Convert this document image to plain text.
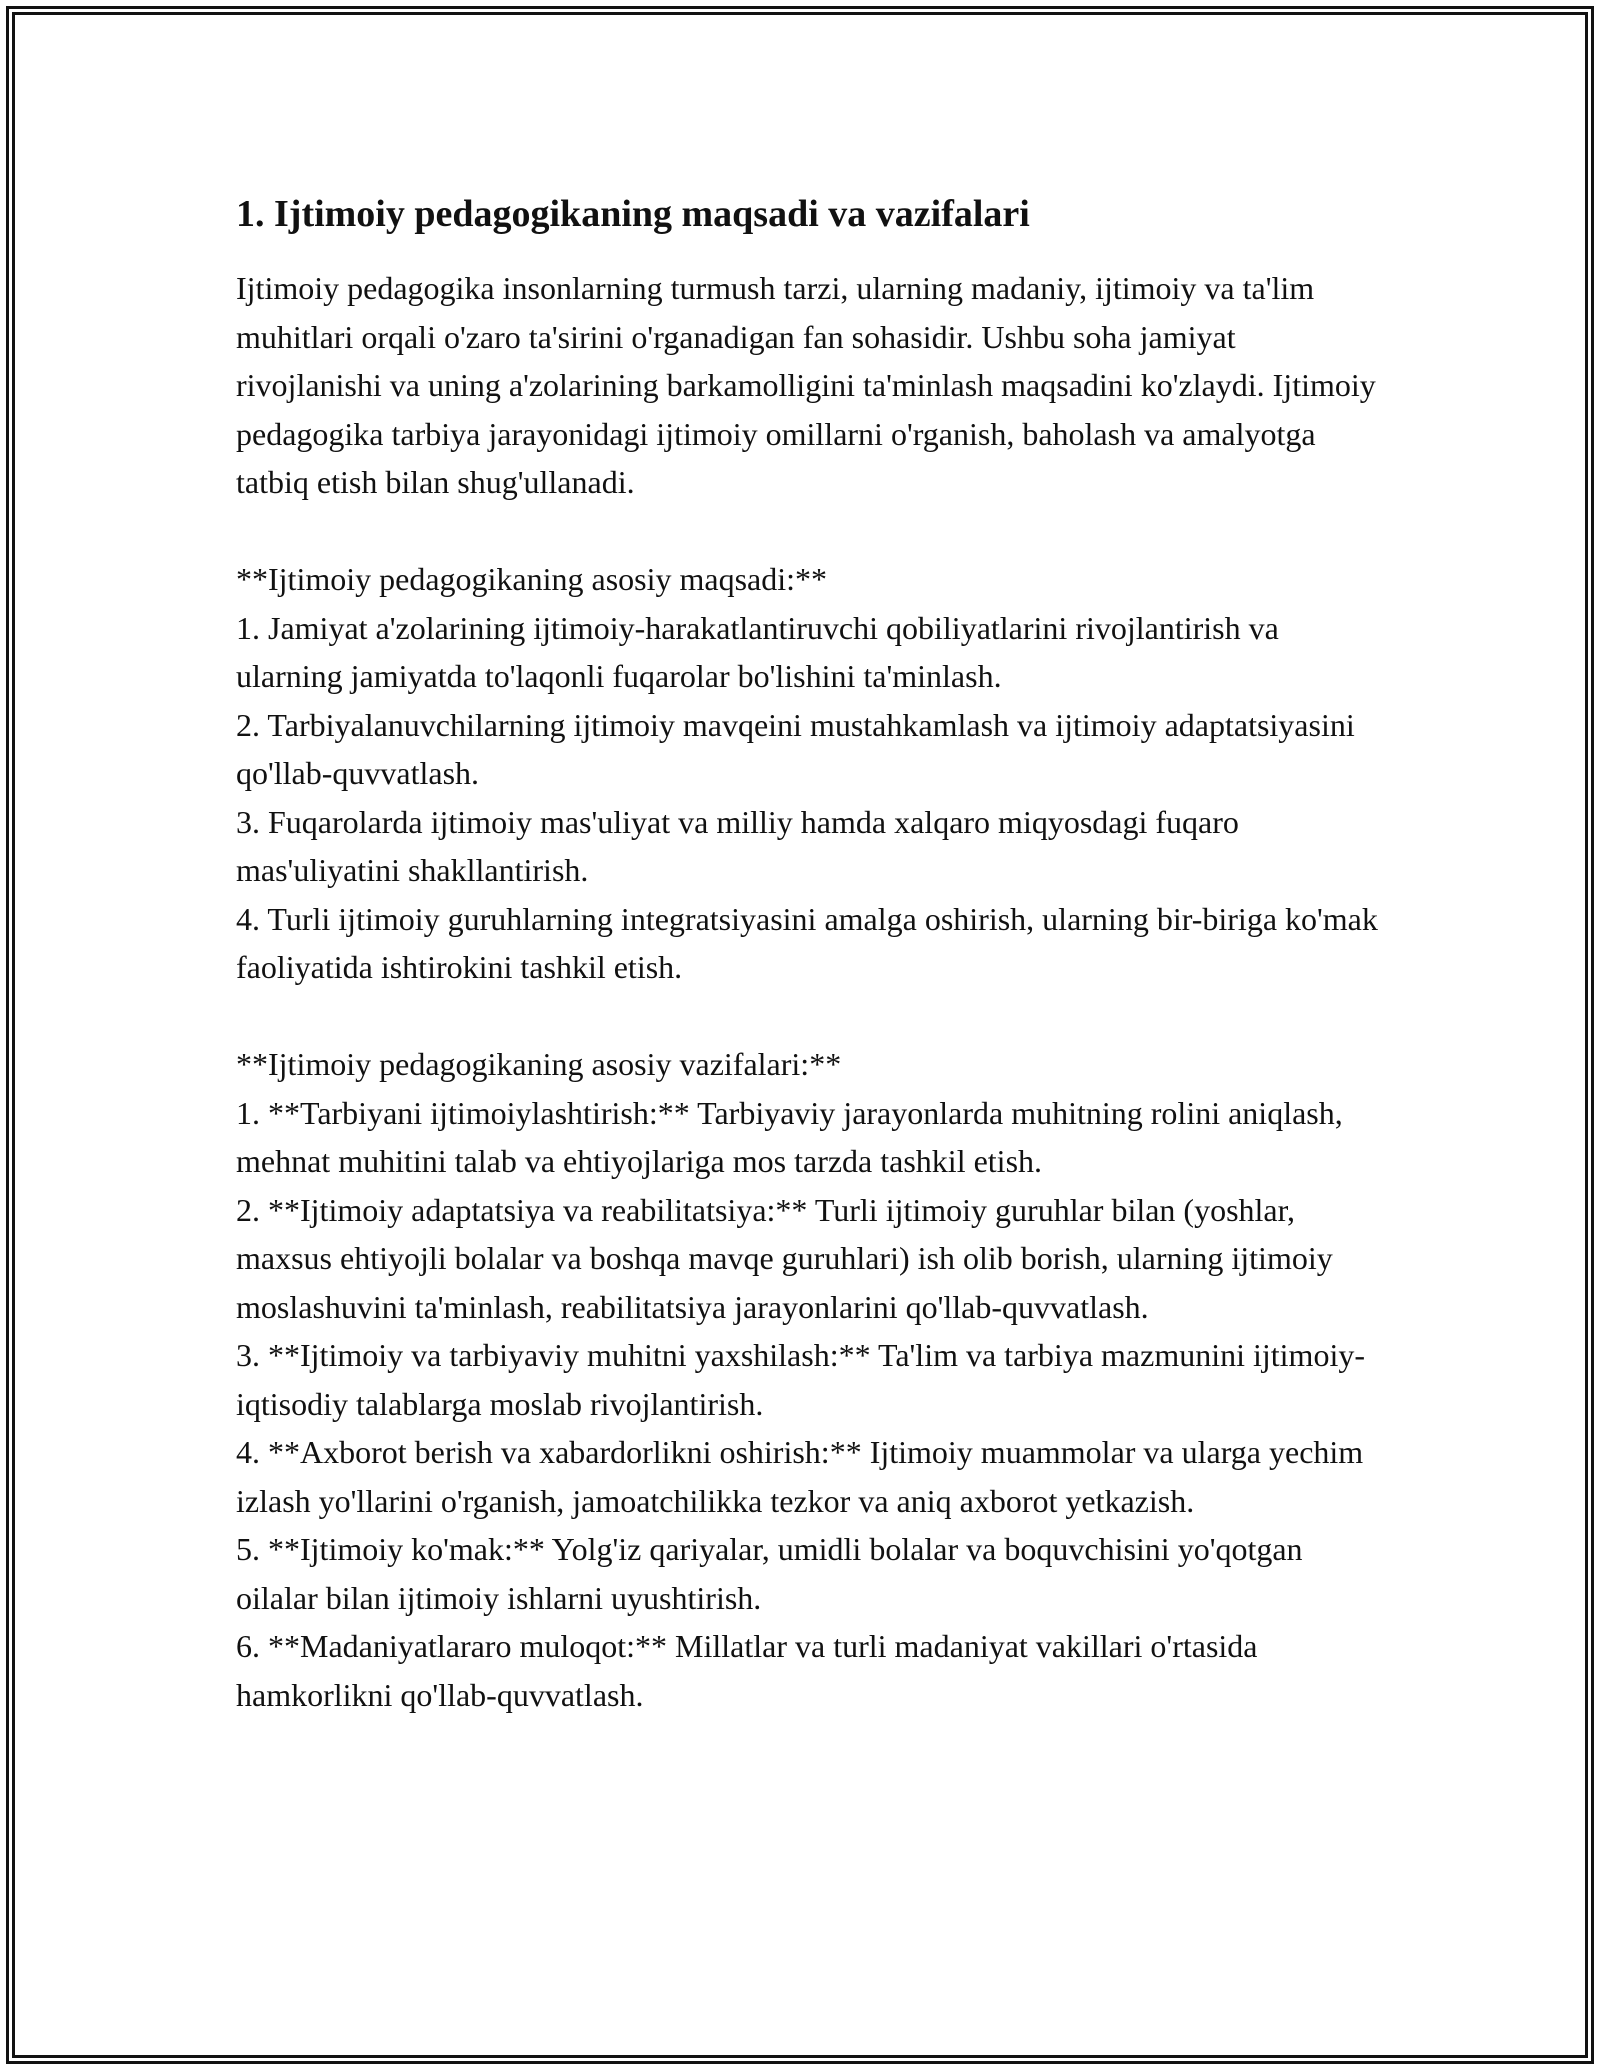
1. Ijtimoiy pedagogikaning maqsadi va vazifalari

Ijtimoiy pedagogika insonlarning turmush tarzi, ularning madaniy, ijtimoiy va ta'lim muhitlari orqali o'zaro ta'sirini o'rganadigan fan sohasidir. Ushbu soha jamiyat rivojlanishi va uning a'zolarining barkamolligini ta'minlash maqsadini ko'zlaydi. Ijtimoiy pedagogika tarbiya jarayonidagi ijtimoiy omillarni o'rganish, baholash va amalyotga tatbiq etish bilan shug'ullanadi.

**Ijtimoiy pedagogikaning asosiy maqsadi:**

1. Jamiyat a'zolarining ijtimoiy-harakatlantiruvchi qobiliyatlarini rivojlantirish va ularning jamiyatda to'laqonli fuqarolar bo'lishini ta'minlash.

2. Tarbiyalanuvchilarning ijtimoiy mavqeini mustahkamlash va ijtimoiy adaptatsiyasini qo'llab-quvvatlash.

3. Fuqarolarda ijtimoiy mas'uliyat va milliy hamda xalqaro miqyosdagi fuqaro mas'uliyatini shakllantirish.

4. Turli ijtimoiy guruhlarning integratsiyasini amalga oshirish, ularning bir-biriga ko'mak faoliyatida ishtirokini tashkil etish.

**Ijtimoiy pedagogikaning asosiy vazifalari:**

1. **Tarbiyani ijtimoiylashtirish:** Tarbiyaviy jarayonlarda muhitning rolini aniqlash, mehnat muhitini talab va ehtiyojlariga mos tarzda tashkil etish.

2. **Ijtimoiy adaptatsiya va reabilitatsiya:** Turli ijtimoiy guruhlar bilan (yoshlar, maxsus ehtiyojli bolalar va boshqa mavqe guruhlari) ish olib borish, ularning ijtimoiy moslashuvini ta'minlash, reabilitatsiya jarayonlarini qo'llab-quvvatlash.

3. **Ijtimoiy va tarbiyaviy muhitni yaxshilash:** Ta'lim va tarbiya mazmunini ijtimoiy-iqtisodiy talablarga moslab rivojlantirish.

4. **Axborot berish va xabardorlikni oshirish:** Ijtimoiy muammolar va ularga yechim izlash yo'llarini o'rganish, jamoatchilikka tezkor va aniq axborot yetkazish.

5. **Ijtimoiy ko'mak:** Yolg'iz qariyalar, umidli bolalar va boquvchisini yo'qotgan oilalar bilan ijtimoiy ishlarni uyushtirish.

6. **Madaniyatlararo muloqot:** Millatlar va turli madaniyat vakillari o'rtasida hamkorlikni qo'llab-quvvatlash.
